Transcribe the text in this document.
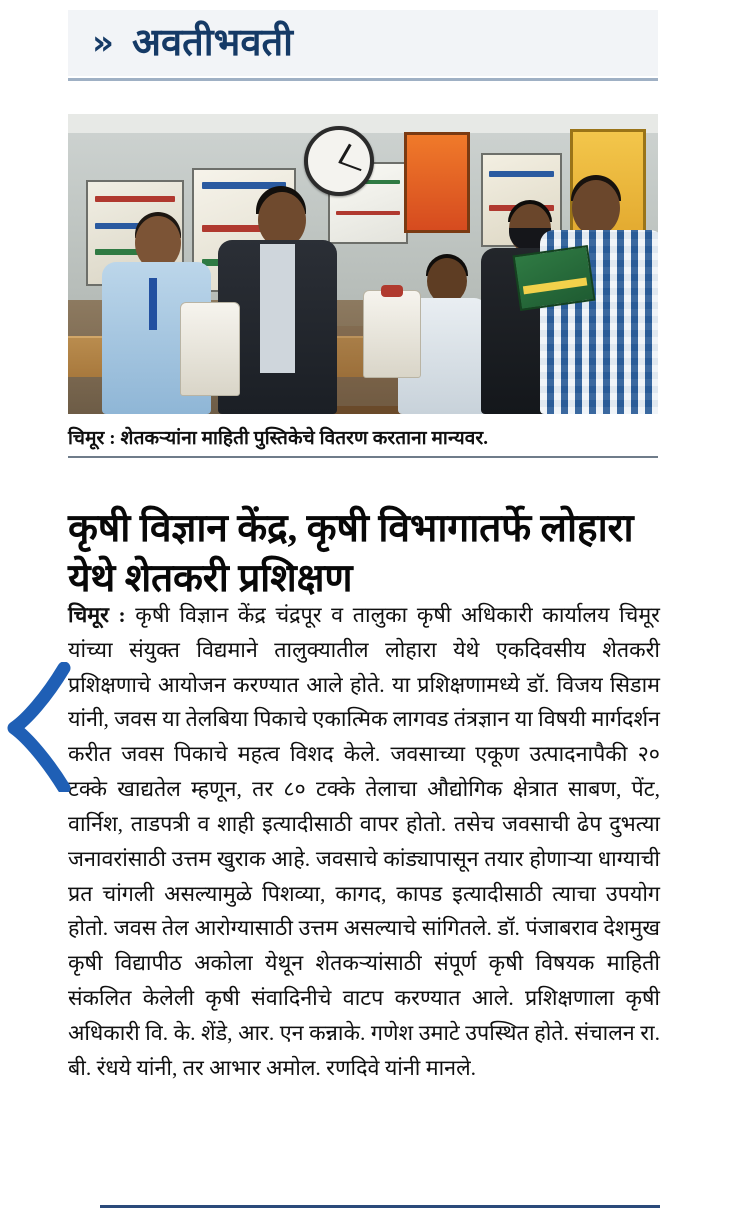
» अवतीभवती
चिमूर : शेतकऱ्यांना माहिती पुस्तिकेचे वितरण करताना मान्यवर.
कृषी विज्ञान केंद्र, कृषी विभागातर्फे लोहारा येथे शेतकरी प्रशिक्षण
चिमूर : कृषी विज्ञान केंद्र चंद्रपूर व तालुका कृषी अधिकारी कार्यालय चिमूर यांच्या संयुक्त विद्यमाने तालुक्यातील लोहारा येथे एकदिवसीय शेतकरी प्रशिक्षणाचे आयोजन करण्यात आले होते. या प्रशिक्षणामध्ये डॉ. विजय सिडाम यांनी, जवस या तेलबिया पिकाचे एकात्मिक लागवड तंत्रज्ञान या विषयी मार्गदर्शन करीत जवस पिकाचे महत्व विशद केले. जवसाच्या एकूण उत्पादनापैकी २० टक्के खाद्यतेल म्हणून, तर ८० टक्के तेलाचा औद्योगिक क्षेत्रात साबण, पेंट, वार्निश, ताडपत्री व शाही इत्यादीसाठी वापर होतो. तसेच जवसाची ढेप दुभत्या जनावरांसाठी उत्तम खुराक आहे. जवसाचे कांड्यापासून तयार होणाऱ्या धाग्याची प्रत चांगली असल्यामुळे पिशव्या, कागद, कापड इत्यादीसाठी त्याचा उपयोग होतो. जवस तेल आरोग्यासाठी उत्तम असल्याचे सांगितले. डॉ. पंजाबराव देशमुख कृषी विद्यापीठ अकोला येथून शेतकऱ्यांसाठी संपूर्ण कृषी विषयक माहिती संकलित केलेली कृषी संवादिनीचे वाटप करण्यात आले. प्रशिक्षणाला कृषी अधिकारी वि. के. शेंडे, आर. एन कन्नाके. गणेश उमाटे उपस्थित होते. संचालन रा. बी. रंधये यांनी, तर आभार अमोल. रणदिवे यांनी मानले.
